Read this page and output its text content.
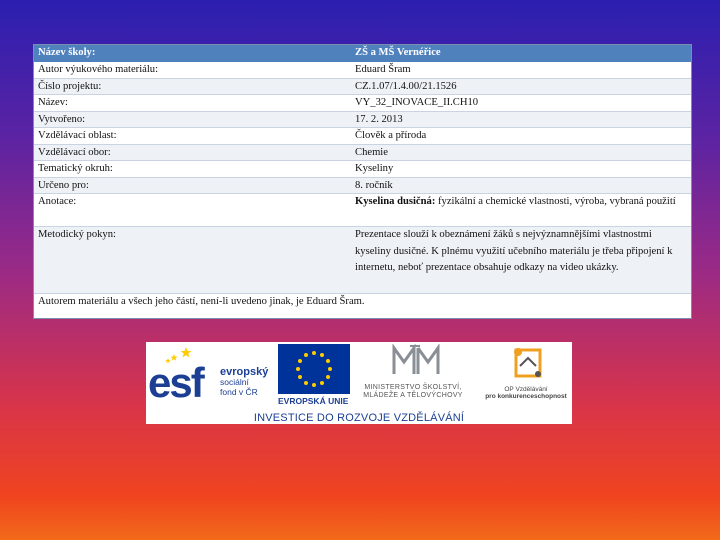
Název školy:	ZŠ a MŠ Vernéřice
Autor výukového materiálu:	Eduard Šram
Číslo projektu:	CZ.1.07/1.4.00/21.1526
Název:	VY_32_INOVACE_II.CH10
Vytvořeno:	17. 2. 2013
Vzdělávací oblast:	Člověk a příroda
Vzdělávací obor:	Chemie
Tematický okruh:	Kyseliny
Určeno pro:	8. ročník
Anotace:	Kyselina dusičná: fyzikální a chemické vlastnosti, výroba, vybraná použití
Metodický pokyn:	Prezentace slouží k obeznámení žáků s nejvýznamnějšími vlastnostmi kyseliny dusičné. K plnému využití učebního materiálu je třeba připojení k internetu, neboť prezentace obsahuje odkazy na video ukázky.
Autorem materiálu a všech jeho částí, není-li uvedeno jinak, je Eduard Šram.
esf evropský
sociální
fond v ČR
EVROPSKÁ UNIE
MINISTERSTVO ŠKOLSTVÍ,
MLÁDEŽE A TĚLOVÝCHOVY
OP Vzdělávání
pro konkurenceschopnost
INVESTICE DO ROZVOJE VZDĚLÁVÁNÍ
